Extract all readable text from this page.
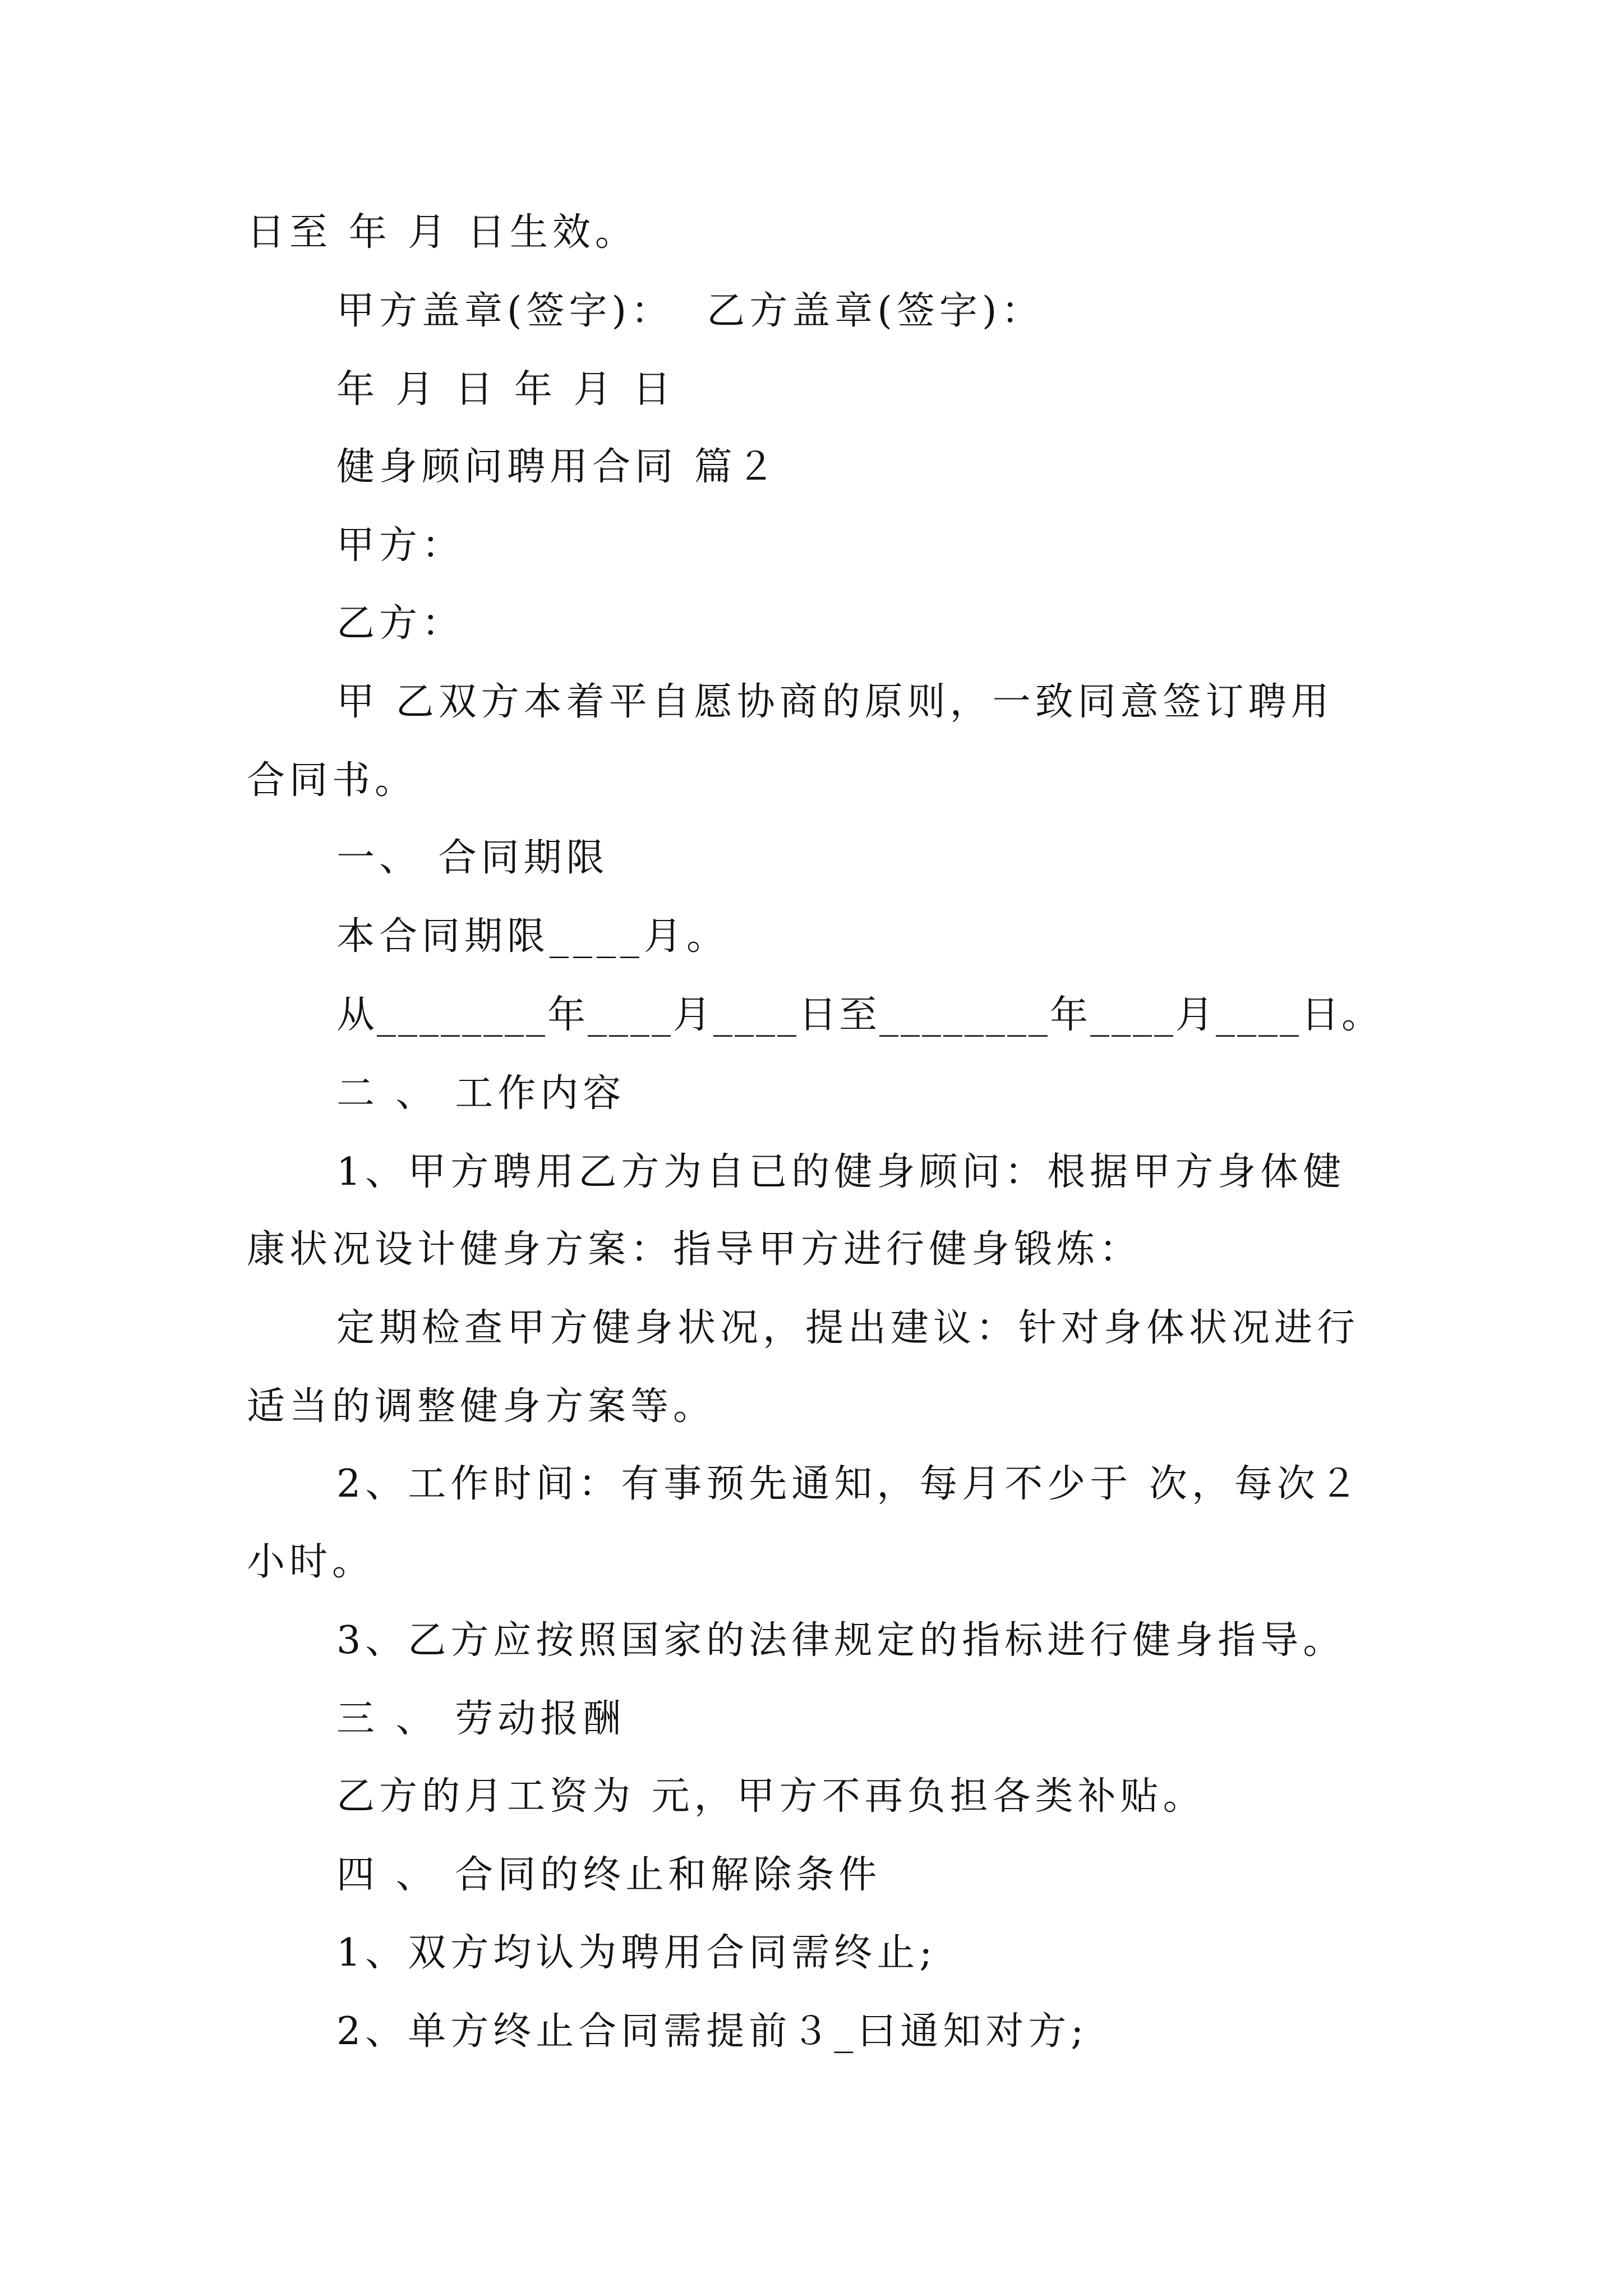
日至 年 月 日生效。

甲方盖章(签字)：  乙方盖章(签字)：

年 月 日 年 月 日

健身顾问聘用合同 篇２

甲方：

乙方：

甲 乙双方本着平自愿协商的原则，一致同意签订聘用

合同书。

一、 合同期限

本合同期限____月。

从________年____月____日至________年____月____日。

二 、 工作内容

1、甲方聘用乙方为自已的健身顾问：根据甲方身体健

康状况设计健身方案：指导甲方进行健身锻炼：

定期检查甲方健身状况，提出建议：针对身体状况进行

适当的调整健身方案等。

2、工作时间：有事预先通知，每月不少于 次，每次２

小时。

3、乙方应按照国家的法律规定的指标进行健身指导。

三 、 劳动报酬

乙方的月工资为 元，甲方不再负担各类补贴。

四 、 合同的终止和解除条件

1、双方均认为聘用合同需终止;

2、单方终止合同需提前３_曰通知对方;
